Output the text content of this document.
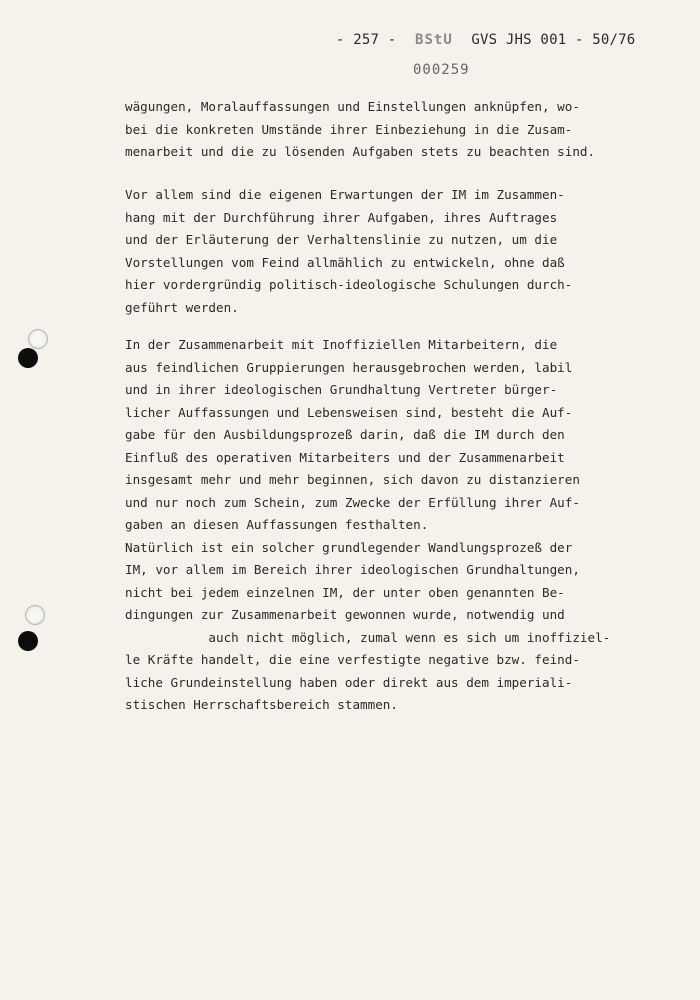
- 257 - BStU GVS JHS 001 - 50/76
000259
wägungen, Moralauffassungen und Einstellungen anknüpfen, wo-
bei die konkreten Umstände ihrer Einbeziehung in die Zusam-
menarbeit und die zu lösenden Aufgaben stets zu beachten sind.
Vor allem sind die eigenen Erwartungen der IM im Zusammen-
hang mit der Durchführung ihrer Aufgaben, ihres Auftrages
und der Erläuterung der Verhaltenslinie zu nutzen, um die
Vorstellungen vom Feind allmählich zu entwickeln, ohne daß
hier vordergründig politisch-ideologische Schulungen durch-
geführt werden.
In der Zusammenarbeit mit Inoffiziellen Mitarbeitern, die
aus feindlichen Gruppierungen herausgebrochen werden, labil
und in ihrer ideologischen Grundhaltung Vertreter bürger-
licher Auffassungen und Lebensweisen sind, besteht die Auf-
gabe für den Ausbildungsprozeß darin, daß die IM durch den
Einfluß des operativen Mitarbeiters und der Zusammenarbeit
insgesamt mehr und mehr beginnen, sich davon zu distanzieren
und nur noch zum Schein, zum Zwecke der Erfüllung ihrer Auf-
gaben an diesen Auffassungen festhalten.
Natürlich ist ein solcher grundlegender Wandlungsprozeß der
IM, vor allem im Bereich ihrer ideologischen Grundhaltungen,
nicht bei jedem einzelnen IM, der unter oben genannten Be-
dingungen zur Zusammenarbeit gewonnen wurde, notwendig und
auch nicht möglich, zumal wenn es sich um inoffiziel-
le Kräfte handelt, die eine verfestigte negative bzw. feind-
liche Grundeinstellung haben oder direkt aus dem imperiali-
stischen Herrschaftsbereich stammen.
